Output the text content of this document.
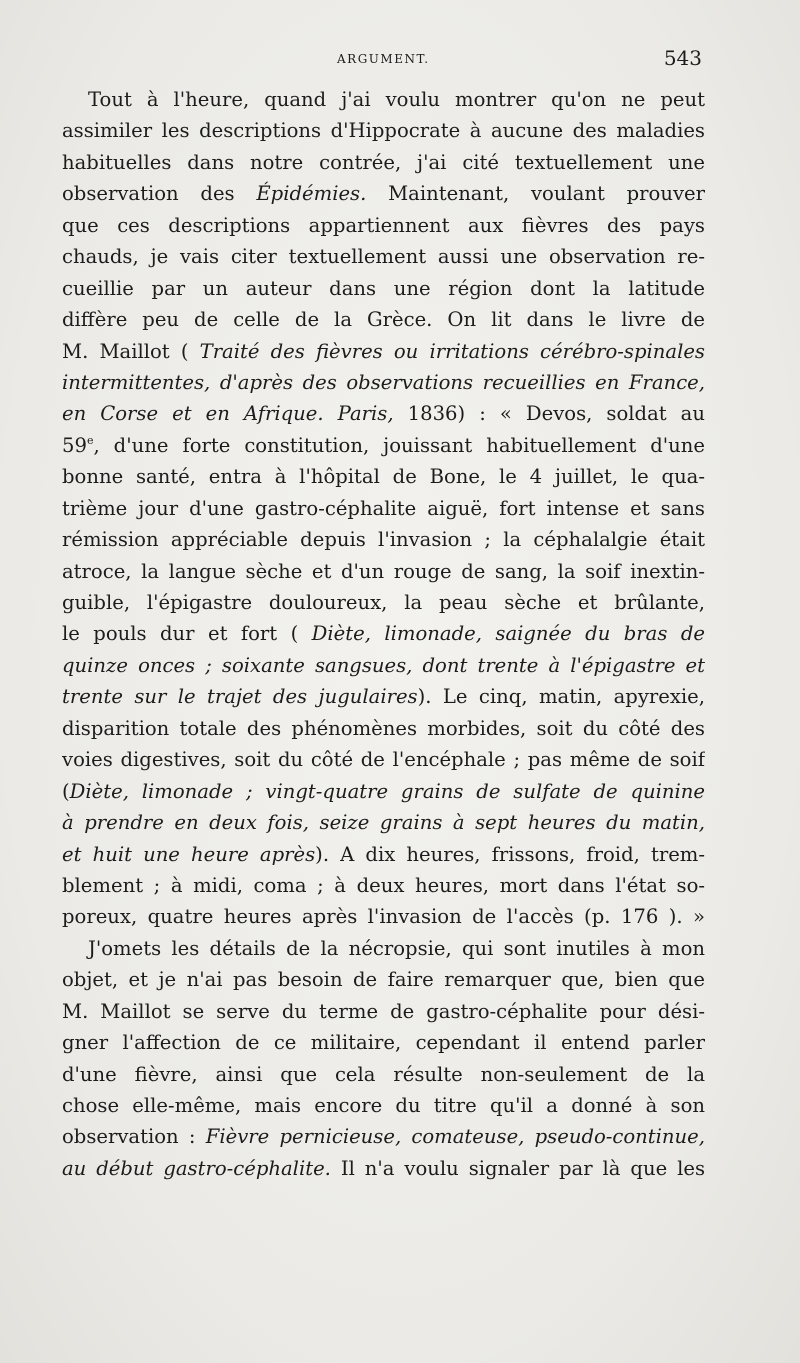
ARGUMENT.	543
Tout à l'heure, quand j'ai voulu montrer qu'on ne peut
assimiler les descriptions d'Hippocrate à aucune des maladies
habituelles dans notre contrée, j'ai cité textuellement une
observation des Épidémies. Maintenant, voulant prouver
que ces descriptions appartiennent aux fièvres des pays
chauds, je vais citer textuellement aussi une observation re-
cueillie par un auteur dans une région dont la latitude
diffère peu de celle de la Grèce. On lit dans le livre de
M. Maillot ( Traité des fièvres ou irritations cérébro-spinales
intermittentes, d'après des observations recueillies en France,
en Corse et en Afrique. Paris, 1836) : « Devos, soldat au
59e, d'une forte constitution, jouissant habituellement d'une
bonne santé, entra à l'hôpital de Bone, le 4 juillet, le qua-
trième jour d'une gastro-céphalite aiguë, fort intense et sans
rémission appréciable depuis l'invasion ; la céphalalgie était
atroce, la langue sèche et d'un rouge de sang, la soif inextin-
guible, l'épigastre douloureux, la peau sèche et brûlante,
le pouls dur et fort ( Diète, limonade, saignée du bras de
quinze onces ; soixante sangsues, dont trente à l'épigastre et
trente sur le trajet des jugulaires). Le cinq, matin, apyrexie,
disparition totale des phénomènes morbides, soit du côté des
voies digestives, soit du côté de l'encéphale ; pas même de soif
(Diète, limonade ; vingt-quatre grains de sulfate de quinine
à prendre en deux fois, seize grains à sept heures du matin,
et huit une heure après). A dix heures, frissons, froid, trem-
blement ; à midi, coma ; à deux heures, mort dans l'état so-
poreux, quatre heures après l'invasion de l'accès (p. 176 ). »
J'omets les détails de la nécropsie, qui sont inutiles à mon
objet, et je n'ai pas besoin de faire remarquer que, bien que
M. Maillot se serve du terme de gastro-céphalite pour dési-
gner l'affection de ce militaire, cependant il entend parler
d'une fièvre, ainsi que cela résulte non-seulement de la
chose elle-même, mais encore du titre qu'il a donné à son
observation : Fièvre pernicieuse, comateuse, pseudo-continue,
au début gastro-céphalite. Il n'a voulu signaler par là que les
